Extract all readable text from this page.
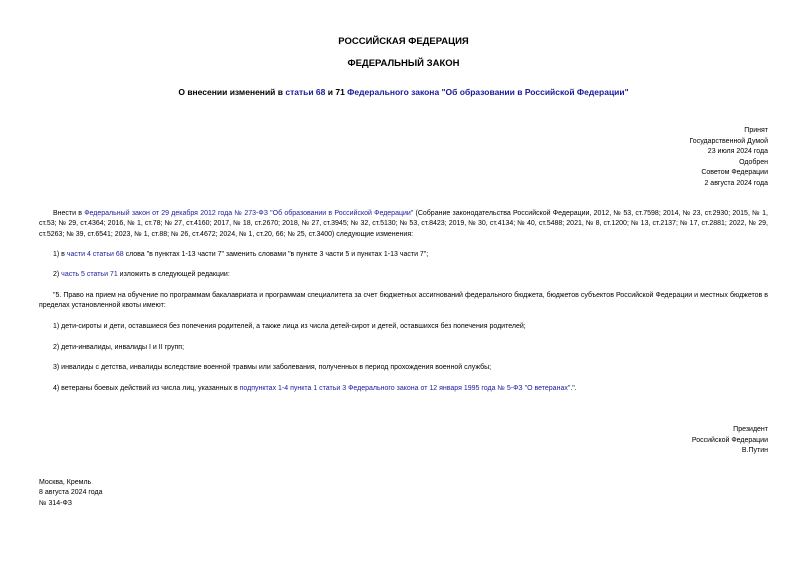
РОССИЙСКАЯ ФЕДЕРАЦИЯ
ФЕДЕРАЛЬНЫЙ ЗАКОН
О внесении изменений в статьи 68 и 71 Федерального закона "Об образовании в Российской Федерации"
Принят
Государственной Думой
23 июля 2024 года
Одобрен
Советом Федерации
2 августа 2024 года
Внести в Федеральный закон от 29 декабря 2012 года № 273-ФЗ "Об образовании в Российской Федерации" (Собрание законодательства Российской Федерации, 2012, № 53, ст.7598; 2014, № 23, ст.2930; 2015, № 1, ст.53; № 29, ст.4364; 2016, № 1, ст.78; № 27, ст.4160; 2017, № 18, ст.2670; 2018, № 27, ст.3945; № 32, ст.5130; № 53, ст.8423; 2019, № 30, ст.4134; № 40, ст.5488; 2021, № 8, ст.1200; № 13, ст.2137; № 17, ст.2881; 2022, № 29, ст.5263; № 39, ст.6541; 2023, № 1, ст.88; № 26, ст.4672; 2024, № 1, ст.20, 66; № 25, ст.3400) следующие изменения:
1) в части 4 статьи 68 слова "в пунктах 1-13 части 7" заменить словами "в пункте 3 части 5 и пунктах 1-13 части 7";
2) часть 5 статьи 71 изложить в следующей редакции:
"5. Право на прием на обучение по программам бакалавриата и программам специалитета за счет бюджетных ассигнований федерального бюджета, бюджетов субъектов Российской Федерации и местных бюджетов в пределах установленной квоты имеют:
1) дети-сироты и дети, оставшиеся без попечения родителей, а также лица из числа детей-сирот и детей, оставшихся без попечения родителей;
2) дети-инвалиды, инвалиды I и II групп;
3) инвалиды с детства, инвалиды вследствие военной травмы или заболевания, полученных в период прохождения военной службы;
4) ветераны боевых действий из числа лиц, указанных в подпунктах 1-4 пункта 1 статьи 3 Федерального закона от 12 января 1995 года № 5-ФЗ "О ветеранах".".
Президент
Российской Федерации
В.Путин
Москва, Кремль
8 августа 2024 года
№ 314-ФЗ
